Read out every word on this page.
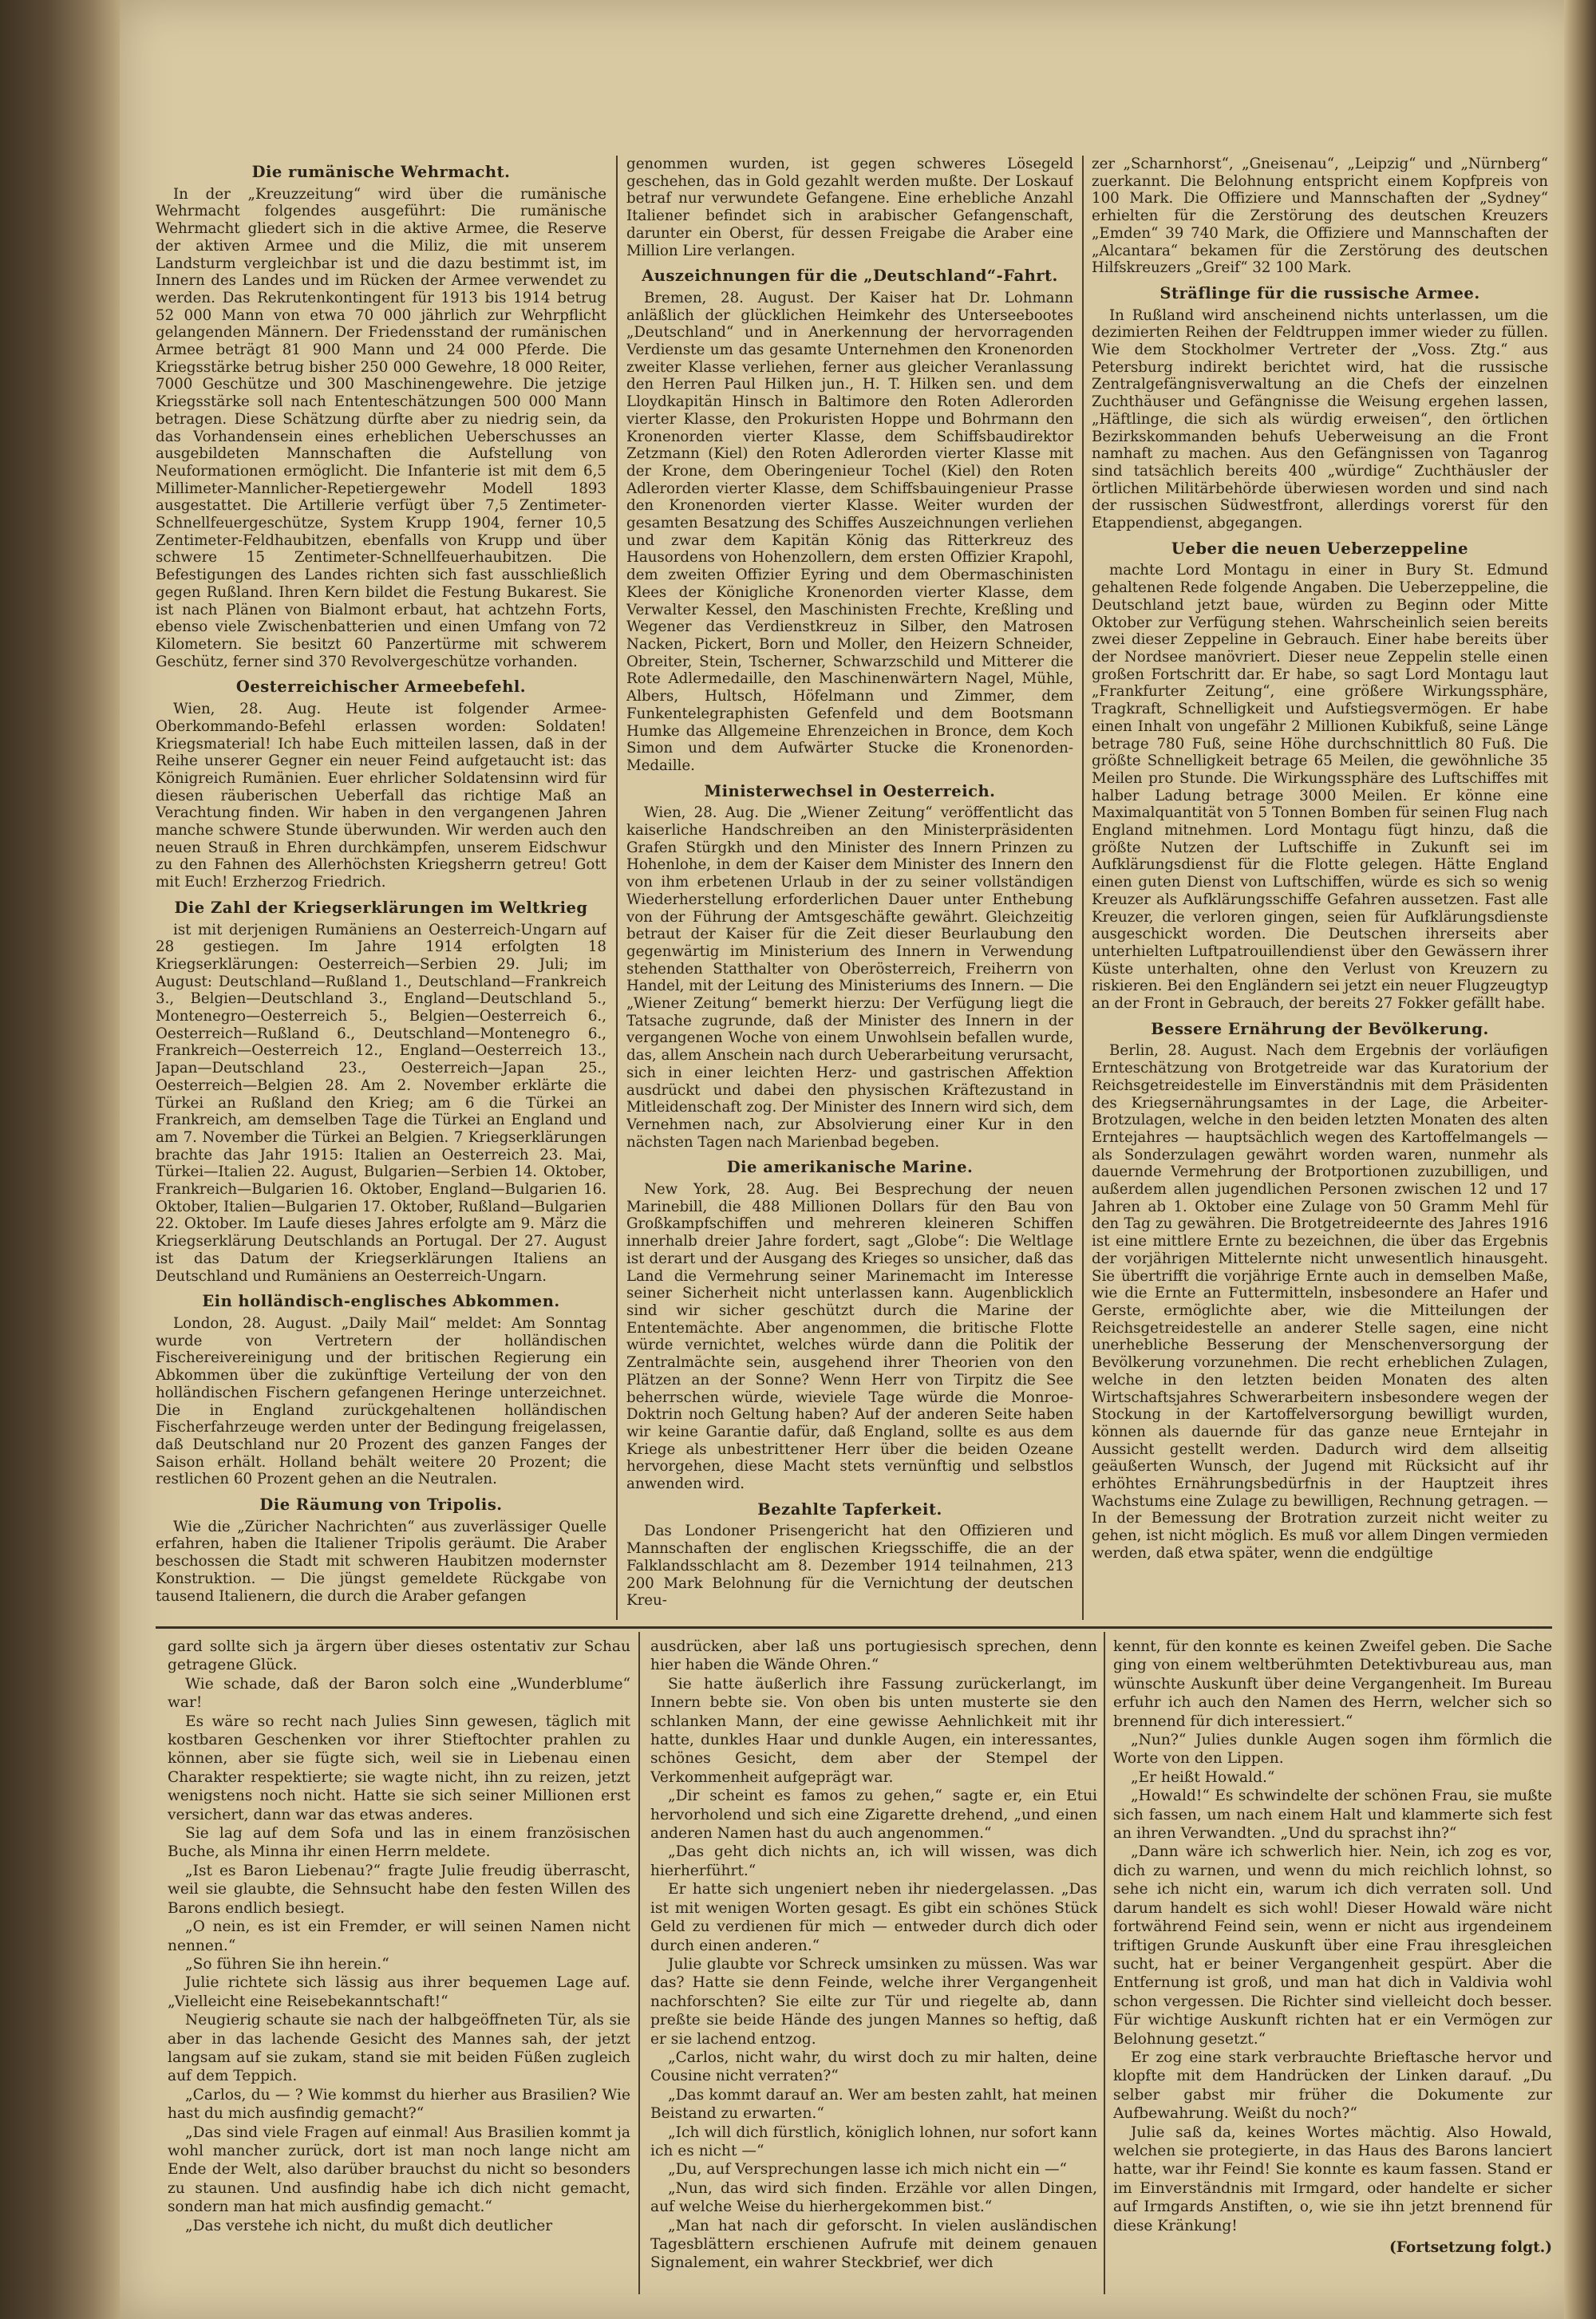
Die rumänische Wehrmacht.

In der „Kreuzzeitung“ wird über die rumänische Wehrmacht folgendes ausgeführt: Die rumänische Wehrmacht gliedert sich in die aktive Armee, die Reserve der aktiven Armee und die Miliz, die mit unserem Landsturm vergleichbar ist und die dazu bestimmt ist, im Innern des Landes und im Rücken der Armee verwendet zu werden. Das Rekrutenkontingent für 1913 bis 1914 betrug 52 000 Mann von etwa 70 000 jährlich zur Wehrpflicht gelangenden Männern. Der Friedensstand der rumänischen Armee beträgt 81 900 Mann und 24 000 Pferde. Die Kriegsstärke betrug bisher 250 000 Gewehre, 18 000 Reiter, 7000 Geschütze und 300 Maschinengewehre. Die jetzige Kriegsstärke soll nach Ententeschätzungen 500 000 Mann betragen. Diese Schätzung dürfte aber zu niedrig sein, da das Vorhandensein eines erheblichen Ueberschusses an ausgebildeten Mannschaften die Aufstellung von Neuformationen ermöglicht. Die Infanterie ist mit dem 6,5 Millimeter-Mannlicher-Repetiergewehr Modell 1893 ausgestattet. Die Artillerie verfügt über 7,5 Zentimeter-Schnellfeuergeschütze, System Krupp 1904, ferner 10,5 Zentimeter-Feldhaubitzen, ebenfalls von Krupp und über schwere 15 Zentimeter-Schnellfeuerhaubitzen. Die Befestigungen des Landes richten sich fast ausschließlich gegen Rußland. Ihren Kern bildet die Festung Bukarest. Sie ist nach Plänen von Bialmont erbaut, hat achtzehn Forts, ebenso viele Zwischenbatterien und einen Umfang von 72 Kilometern. Sie besitzt 60 Panzertürme mit schwerem Geschütz, ferner sind 370 Revolvergeschütze vorhanden.

Oesterreichischer Armeebefehl.

Wien, 28. Aug. Heute ist folgender Armee-Oberkommando-Befehl erlassen worden: Soldaten! Kriegsmaterial! Ich habe Euch mitteilen lassen, daß in der Reihe unserer Gegner ein neuer Feind aufgetaucht ist: das Königreich Rumänien. Euer ehrlicher Soldatensinn wird für diesen räuberischen Ueberfall das richtige Maß an Verachtung finden. Wir haben in den vergangenen Jahren manche schwere Stunde überwunden. Wir werden auch den neuen Strauß in Ehren durchkämpfen, unserem Eidschwur zu den Fahnen des Allerhöchsten Kriegsherrn getreu! Gott mit Euch! Erzherzog Friedrich.

Die Zahl der Kriegserklärungen im Weltkrieg

ist mit derjenigen Rumäniens an Oesterreich-Ungarn auf 28 gestiegen. Im Jahre 1914 erfolgten 18 Kriegserklärungen: Oesterreich—Serbien 29. Juli; im August: Deutschland—Rußland 1., Deutschland—Frankreich 3., Belgien—Deutschland 3., England—Deutschland 5., Montenegro—Oesterreich 5., Belgien—Oesterreich 6., Oesterreich—Rußland 6., Deutschland—Montenegro 6., Frankreich—Oesterreich 12., England—Oesterreich 13., Japan—Deutschland 23., Oesterreich—Japan 25., Oesterreich—Belgien 28. Am 2. November erklärte die Türkei an Rußland den Krieg; am 6 die Türkei an Frankreich, am demselben Tage die Türkei an England und am 7. November die Türkei an Belgien. 7 Kriegserklärungen brachte das Jahr 1915: Italien an Oesterreich 23. Mai, Türkei—Italien 22. August, Bulgarien—Serbien 14. Oktober, Frankreich—Bulgarien 16. Oktober, England—Bulgarien 16. Oktober, Italien—Bulgarien 17. Oktober, Rußland—Bulgarien 22. Oktober. Im Laufe dieses Jahres erfolgte am 9. März die Kriegserklärung Deutschlands an Portugal. Der 27. August ist das Datum der Kriegserklärungen Italiens an Deutschland und Rumäniens an Oesterreich-Ungarn.

Ein holländisch-englisches Abkommen.

London, 28. August. „Daily Mail“ meldet: Am Sonntag wurde von Vertretern der holländischen Fischereivereinigung und der britischen Regierung ein Abkommen über die zukünftige Verteilung der von den holländischen Fischern gefangenen Heringe unterzeichnet. Die in England zurückgehaltenen holländischen Fischerfahrzeuge werden unter der Bedingung freigelassen, daß Deutschland nur 20 Prozent des ganzen Fanges der Saison erhält. Holland behält weitere 20 Prozent; die restlichen 60 Prozent gehen an die Neutralen.

Die Räumung von Tripolis.

Wie die „Züricher Nachrichten“ aus zuverlässiger Quelle erfahren, haben die Italiener Tripolis geräumt. Die Araber beschossen die Stadt mit schweren Haubitzen modernster Konstruktion. — Die jüngst gemeldete Rückgabe von tausend Italienern, die durch die Araber gefangen

genommen wurden, ist gegen schweres Lösegeld geschehen, das in Gold gezahlt werden mußte. Der Loskauf betraf nur verwundete Gefangene. Eine erhebliche Anzahl Italiener befindet sich in arabischer Gefangenschaft, darunter ein Oberst, für dessen Freigabe die Araber eine Million Lire verlangen.

Auszeichnungen für die „Deutschland“-Fahrt.

Bremen, 28. August. Der Kaiser hat Dr. Lohmann anläßlich der glücklichen Heimkehr des Unterseebootes „Deutschland“ und in Anerkennung der hervorragenden Verdienste um das gesamte Unternehmen den Kronenorden zweiter Klasse verliehen, ferner aus gleicher Veranlassung den Herren Paul Hilken jun., H. T. Hilken sen. und dem Lloydkapitän Hinsch in Baltimore den Roten Adlerorden vierter Klasse, den Prokuristen Hoppe und Bohrmann den Kronenorden vierter Klasse, dem Schiffsbaudirektor Zetzmann (Kiel) den Roten Adlerorden vierter Klasse mit der Krone, dem Oberingenieur Tochel (Kiel) den Roten Adlerorden vierter Klasse, dem Schiffsbauingenieur Prasse den Kronenorden vierter Klasse. Weiter wurden der gesamten Besatzung des Schiffes Auszeichnungen verliehen und zwar dem Kapitän König das Ritterkreuz des Hausordens von Hohenzollern, dem ersten Offizier Krapohl, dem zweiten Offizier Eyring und dem Obermaschinisten Klees der Königliche Kronenorden vierter Klasse, dem Verwalter Kessel, den Maschinisten Frechte, Kreßling und Wegener das Verdienstkreuz in Silber, den Matrosen Nacken, Pickert, Born und Moller, den Heizern Schneider, Obreiter, Stein, Tscherner, Schwarzschild und Mitterer die Rote Adlermedaille, den Maschinenwärtern Nagel, Mühle, Albers, Hultsch, Höfelmann und Zimmer, dem Funkentelegraphisten Gefenfeld und dem Bootsmann Humke das Allgemeine Ehrenzeichen in Bronce, dem Koch Simon und dem Aufwärter Stucke die Kronenorden-Medaille.

Ministerwechsel in Oesterreich.

Wien, 28. Aug. Die „Wiener Zeitung“ veröffentlicht das kaiserliche Handschreiben an den Ministerpräsidenten Grafen Stürgkh und den Minister des Innern Prinzen zu Hohenlohe, in dem der Kaiser dem Minister des Innern den von ihm erbetenen Urlaub in der zu seiner vollständigen Wiederherstellung erforderlichen Dauer unter Enthebung von der Führung der Amtsgeschäfte gewährt. Gleichzeitig betraut der Kaiser für die Zeit dieser Beurlaubung den gegenwärtig im Ministerium des Innern in Verwendung stehenden Statthalter von Oberösterreich, Freiherrn von Handel, mit der Leitung des Ministeriums des Innern. — Die „Wiener Zeitung“ bemerkt hierzu: Der Verfügung liegt die Tatsache zugrunde, daß der Minister des Innern in der vergangenen Woche von einem Unwohlsein befallen wurde, das, allem Anschein nach durch Ueberarbeitung verursacht, sich in einer leichten Herz- und gastrischen Affektion ausdrückt und dabei den physischen Kräftezustand in Mitleidenschaft zog. Der Minister des Innern wird sich, dem Vernehmen nach, zur Absolvierung einer Kur in den nächsten Tagen nach Marienbad begeben.

Die amerikanische Marine.

New York, 28. Aug. Bei Besprechung der neuen Marinebill, die 488 Millionen Dollars für den Bau von Großkampfschiffen und mehreren kleineren Schiffen innerhalb dreier Jahre fordert, sagt „Globe“: Die Weltlage ist derart und der Ausgang des Krieges so unsicher, daß das Land die Vermehrung seiner Marinemacht im Interesse seiner Sicherheit nicht unterlassen kann. Augenblicklich sind wir sicher geschützt durch die Marine der Ententemächte. Aber angenommen, die britische Flotte würde vernichtet, welches würde dann die Politik der Zentralmächte sein, ausgehend ihrer Theorien von den Plätzen an der Sonne? Wenn Herr von Tirpitz die See beherrschen würde, wieviele Tage würde die Monroe-Doktrin noch Geltung haben? Auf der anderen Seite haben wir keine Garantie dafür, daß England, sollte es aus dem Kriege als unbestrittener Herr über die beiden Ozeane hervorgehen, diese Macht stets vernünftig und selbstlos anwenden wird.

Bezahlte Tapferkeit.

Das Londoner Prisengericht hat den Offizieren und Mannschaften der englischen Kriegsschiffe, die an der Falklandsschlacht am 8. Dezember 1914 teilnahmen, 213 200 Mark Belohnung für die Vernichtung der deutschen Kreu-

zer „Scharnhorst“, „Gneisenau“, „Leipzig“ und „Nürnberg“ zuerkannt. Die Belohnung entspricht einem Kopfpreis von 100 Mark. Die Offiziere und Mannschaften der „Sydney“ erhielten für die Zerstörung des deutschen Kreuzers „Emden“ 39 740 Mark, die Offiziere und Mannschaften der „Alcantara“ bekamen für die Zerstörung des deutschen Hilfskreuzers „Greif“ 32 100 Mark.

Sträflinge für die russische Armee.

In Rußland wird anscheinend nichts unterlassen, um die dezimierten Reihen der Feldtruppen immer wieder zu füllen. Wie dem Stockholmer Vertreter der „Voss. Ztg.“ aus Petersburg indirekt berichtet wird, hat die russische Zentralgefängnisverwaltung an die Chefs der einzelnen Zuchthäuser und Gefängnisse die Weisung ergehen lassen, „Häftlinge, die sich als würdig erweisen“, den örtlichen Bezirkskommanden behufs Ueberweisung an die Front namhaft zu machen. Aus den Gefängnissen von Taganrog sind tatsächlich bereits 400 „würdige“ Zuchthäusler der örtlichen Militärbehörde überwiesen worden und sind nach der russischen Südwestfront, allerdings vorerst für den Etappendienst, abgegangen.

Ueber die neuen Ueberzeppeline

machte Lord Montagu in einer in Bury St. Edmund gehaltenen Rede folgende Angaben. Die Ueberzeppeline, die Deutschland jetzt baue, würden zu Beginn oder Mitte Oktober zur Verfügung stehen. Wahrscheinlich seien bereits zwei dieser Zeppeline in Gebrauch. Einer habe bereits über der Nordsee manövriert. Dieser neue Zeppelin stelle einen großen Fortschritt dar. Er habe, so sagt Lord Montagu laut „Frankfurter Zeitung“, eine größere Wirkungssphäre, Tragkraft, Schnelligkeit und Aufstiegsvermögen. Er habe einen Inhalt von ungefähr 2 Millionen Kubikfuß, seine Länge betrage 780 Fuß, seine Höhe durchschnittlich 80 Fuß. Die größte Schnelligkeit betrage 65 Meilen, die gewöhnliche 35 Meilen pro Stunde. Die Wirkungssphäre des Luftschiffes mit halber Ladung betrage 3000 Meilen. Er könne eine Maximalquantität von 5 Tonnen Bomben für seinen Flug nach England mitnehmen. Lord Montagu fügt hinzu, daß die größte Nutzen der Luftschiffe in Zukunft sei im Aufklärungsdienst für die Flotte gelegen. Hätte England einen guten Dienst von Luftschiffen, würde es sich so wenig Kreuzer als Aufklärungsschiffe Gefahren aussetzen. Fast alle Kreuzer, die verloren gingen, seien für Aufklärungsdienste ausgeschickt worden. Die Deutschen ihrerseits aber unterhielten Luftpatrouillendienst über den Gewässern ihrer Küste unterhalten, ohne den Verlust von Kreuzern zu riskieren. Bei den Engländern sei jetzt ein neuer Flugzeugtyp an der Front in Gebrauch, der bereits 27 Fokker gefällt habe.

Bessere Ernährung der Bevölkerung.

Berlin, 28. August. Nach dem Ergebnis der vorläufigen Ernteschätzung von Brotgetreide war das Kuratorium der Reichsgetreidestelle im Einverständnis mit dem Präsidenten des Kriegsernährungsamtes in der Lage, die Arbeiter-Brotzulagen, welche in den beiden letzten Monaten des alten Erntejahres — hauptsächlich wegen des Kartoffelmangels — als Sonderzulagen gewährt worden waren, nunmehr als dauernde Vermehrung der Brotportionen zuzubilligen, und außerdem allen jugendlichen Personen zwischen 12 und 17 Jahren ab 1. Oktober eine Zulage von 50 Gramm Mehl für den Tag zu gewähren. Die Brotgetreideernte des Jahres 1916 ist eine mittlere Ernte zu bezeichnen, die über das Ergebnis der vorjährigen Mittelernte nicht unwesentlich hinausgeht. Sie übertrifft die vorjährige Ernte auch in demselben Maße, wie die Ernte an Futtermitteln, insbesondere an Hafer und Gerste, ermöglichte aber, wie die Mitteilungen der Reichsgetreidestelle an anderer Stelle sagen, eine nicht unerhebliche Besserung der Menschenversorgung der Bevölkerung vorzunehmen. Die recht erheblichen Zulagen, welche in den letzten beiden Monaten des alten Wirtschaftsjahres Schwerarbeitern insbesondere wegen der Stockung in der Kartoffelversorgung bewilligt wurden, können als dauernde für das ganze neue Erntejahr in Aussicht gestellt werden. Dadurch wird dem allseitig geäußerten Wunsch, der Jugend mit Rücksicht auf ihr erhöhtes Ernährungsbedürfnis in der Hauptzeit ihres Wachstums eine Zulage zu bewilligen, Rechnung getragen. — In der Bemessung der Brotration zurzeit nicht weiter zu gehen, ist nicht möglich. Es muß vor allem Dingen vermieden werden, daß etwa später, wenn die endgültige

gard sollte sich ja ärgern über dieses ostentativ zur Schau getragene Glück.

Wie schade, daß der Baron solch eine „Wunderblume“ war!

Es wäre so recht nach Julies Sinn gewesen, täglich mit kostbaren Geschenken vor ihrer Stieftochter prahlen zu können, aber sie fügte sich, weil sie in Liebenau einen Charakter respektierte; sie wagte nicht, ihn zu reizen, jetzt wenigstens noch nicht. Hatte sie sich seiner Millionen erst versichert, dann war das etwas anderes.

Sie lag auf dem Sofa und las in einem französischen Buche, als Minna ihr einen Herrn meldete.

„Ist es Baron Liebenau?“ fragte Julie freudig überrascht, weil sie glaubte, die Sehnsucht habe den festen Willen des Barons endlich besiegt.

„O nein, es ist ein Fremder, er will seinen Namen nicht nennen.“

„So führen Sie ihn herein.“

Julie richtete sich lässig aus ihrer bequemen Lage auf. „Vielleicht eine Reisebekanntschaft!“

Neugierig schaute sie nach der halbgeöffneten Tür, als sie aber in das lachende Gesicht des Mannes sah, der jetzt langsam auf sie zukam, stand sie mit beiden Füßen zugleich auf dem Teppich.

„Carlos, du — ? Wie kommst du hierher aus Brasilien? Wie hast du mich ausfindig gemacht?“

„Das sind viele Fragen auf einmal! Aus Brasilien kommt ja wohl mancher zurück, dort ist man noch lange nicht am Ende der Welt, also darüber brauchst du nicht so besonders zu staunen. Und ausfindig habe ich dich nicht gemacht, sondern man hat mich ausfindig gemacht.“

„Das verstehe ich nicht, du mußt dich deutlicher

ausdrücken, aber laß uns portugiesisch sprechen, denn hier haben die Wände Ohren.“

Sie hatte äußerlich ihre Fassung zurückerlangt, im Innern bebte sie. Von oben bis unten musterte sie den schlanken Mann, der eine gewisse Aehnlichkeit mit ihr hatte, dunkles Haar und dunkle Augen, ein interessantes, schönes Gesicht, dem aber der Stempel der Verkommenheit aufgeprägt war.

„Dir scheint es famos zu gehen,“ sagte er, ein Etui hervorholend und sich eine Zigarette drehend, „und einen anderen Namen hast du auch angenommen.“

„Das geht dich nichts an, ich will wissen, was dich hierherführt.“

Er hatte sich ungeniert neben ihr niedergelassen. „Das ist mit wenigen Worten gesagt. Es gibt ein schönes Stück Geld zu verdienen für mich — entweder durch dich oder durch einen anderen.“

Julie glaubte vor Schreck umsinken zu müssen. Was war das? Hatte sie denn Feinde, welche ihrer Vergangenheit nachforschten? Sie eilte zur Tür und riegelte ab, dann preßte sie beide Hände des jungen Mannes so heftig, daß er sie lachend entzog.

„Carlos, nicht wahr, du wirst doch zu mir halten, deine Cousine nicht verraten?“

„Das kommt darauf an. Wer am besten zahlt, hat meinen Beistand zu erwarten.“

„Ich will dich fürstlich, königlich lohnen, nur sofort kann ich es nicht —“

„Du, auf Versprechungen lasse ich mich nicht ein —“

„Nun, das wird sich finden. Erzähle vor allen Dingen, auf welche Weise du hierhergekommen bist.“

„Man hat nach dir geforscht. In vielen ausländischen Tagesblättern erschienen Aufrufe mit deinem genauen Signalement, ein wahrer Steckbrief, wer dich

kennt, für den konnte es keinen Zweifel geben. Die Sache ging von einem weltberühmten Detektivbureau aus, man wünschte Auskunft über deine Vergangenheit. Im Bureau erfuhr ich auch den Namen des Herrn, welcher sich so brennend für dich interessiert.“

„Nun?“ Julies dunkle Augen sogen ihm förmlich die Worte von den Lippen.

„Er heißt Howald.“

„Howald!“ Es schwindelte der schönen Frau, sie mußte sich fassen, um nach einem Halt und klammerte sich fest an ihren Verwandten. „Und du sprachst ihn?“

„Dann wäre ich schwerlich hier. Nein, ich zog es vor, dich zu warnen, und wenn du mich reichlich lohnst, so sehe ich nicht ein, warum ich dich verraten soll. Und darum handelt es sich wohl! Dieser Howald wäre nicht fortwährend Feind sein, wenn er nicht aus irgendeinem triftigen Grunde Auskunft über eine Frau ihresgleichen sucht, hat er beiner Vergangenheit gespürt. Aber die Entfernung ist groß, und man hat dich in Valdivia wohl schon vergessen. Die Richter sind vielleicht doch besser. Für wichtige Auskunft richten hat er ein Vermögen zur Belohnung gesetzt.“

Er zog eine stark verbrauchte Brieftasche hervor und klopfte mit dem Handrücken der Linken darauf. „Du selber gabst mir früher die Dokumente zur Aufbewahrung. Weißt du noch?“

Julie saß da, keines Wortes mächtig. Also Howald, welchen sie protegierte, in das Haus des Barons lanciert hatte, war ihr Feind! Sie konnte es kaum fassen. Stand er im Einverständnis mit Irmgard, oder handelte er sicher auf Irmgards Anstiften, o, wie sie ihn jetzt brennend für diese Kränkung!

(Fortsetzung folgt.)
